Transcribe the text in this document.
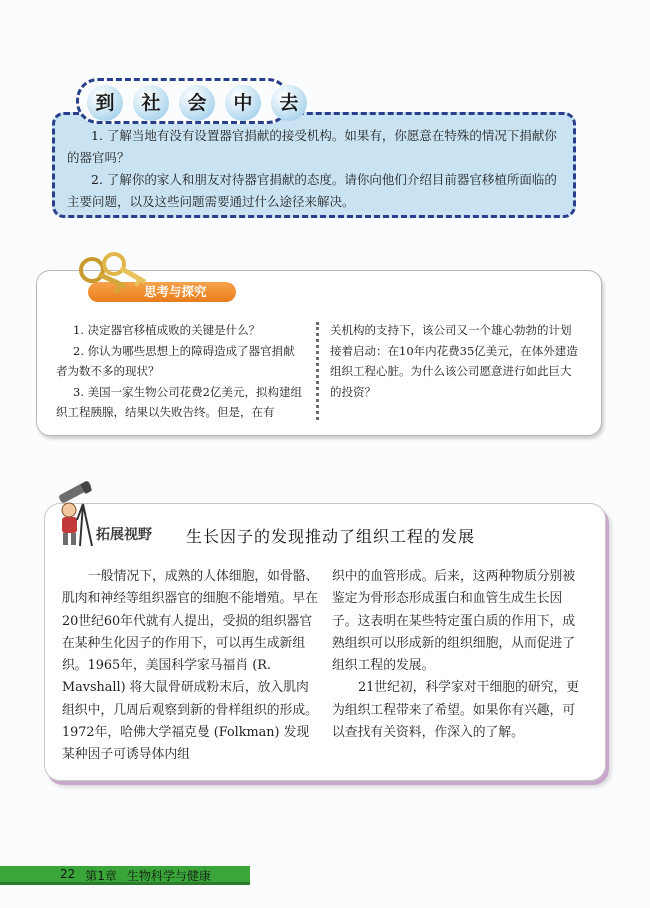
1. 了解当地有没有设置器官捐献的接受机构。如果有，你愿意在特殊的情况下捐献你的器官吗？

2. 了解你的家人和朋友对待器官捐献的态度。请你向他们介绍目前器官移植所面临的主要问题，以及这些问题需要通过什么途径来解决。

到	社	会	中	去
思考与探究

1. 决定器官移植成败的关键是什么？

2. 你认为哪些思想上的障碍造成了器官捐献者为数不多的现状？

3. 美国一家生物公司花费2亿美元，拟构建组织工程胰腺，结果以失败告终。但是，在有

关机构的支持下，该公司又一个雄心勃勃的计划接着启动：在10年内花费35亿美元，在体外建造组织工程心脏。为什么该公司愿意进行如此巨大的投资？

拓展视野 生长因子的发现推动了组织工程的发展

一般情况下，成熟的人体细胞，如骨骼、肌肉和神经等组织器官的细胞不能增殖。早在20世纪60年代就有人提出，受损的组织器官在某种生化因子的作用下，可以再生成新组织。1965年，美国科学家马福肖 (R. Mavshall) 将大鼠骨研成粉末后，放入肌肉组织中，几周后观察到新的骨样组织的形成。1972年，哈佛大学福克曼 (Folkman) 发现某种因子可诱导体内组

织中的血管形成。后来，这两种物质分别被鉴定为骨形态形成蛋白和血管生成生长因子。这表明在某些特定蛋白质的作用下，成熟组织可以形成新的组织细胞，从而促进了组织工程的发展。

21世纪初，科学家对干细胞的研究，更为组织工程带来了希望。如果你有兴趣，可以查找有关资料，作深入的了解。

22 第1章 生物科学与健康
